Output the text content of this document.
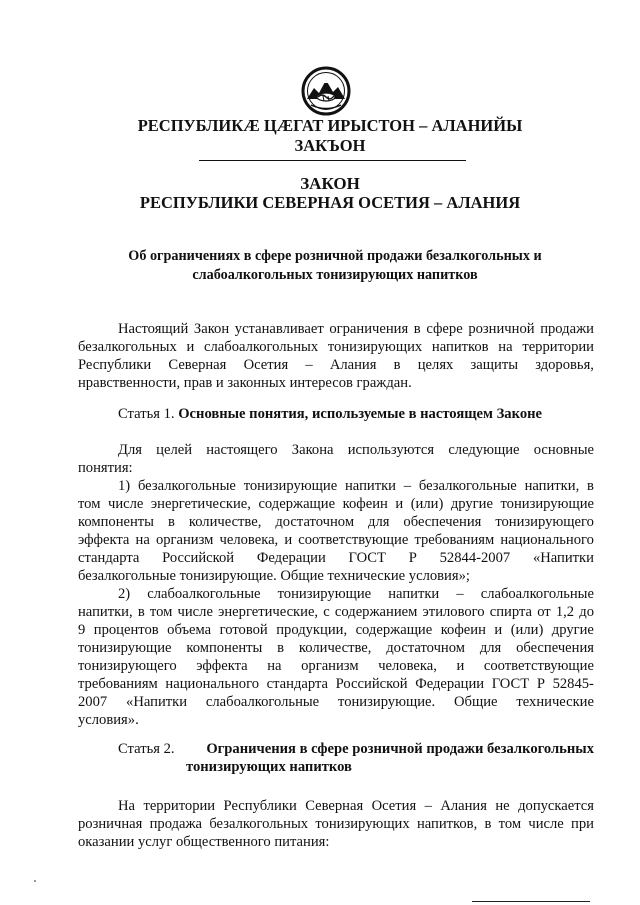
РЕСПУБЛИКÆ ЦÆГАТ ИРЫСТОН – АЛАНИЙЫ
ЗАКЪОН
ЗАКОН
РЕСПУБЛИКИ СЕВЕРНАЯ ОСЕТИЯ – АЛАНИЯ
Об ограничениях в сфере розничной продажи безалкогольных и
слабоалкогольных тонизирующих напитков
Настоящий Закон устанавливает ограничения в сфере розничной продажи
безалкогольных и слабоалкогольных тонизирующих напитков на территории
Республики Северная Осетия – Алания в целях защиты здоровья,
нравственности, прав и законных интересов граждан.
Статья 1. Основные понятия, используемые в настоящем Законе
Для целей настоящего Закона используются следующие основные
понятия:
1) безалкогольные тонизирующие напитки – безалкогольные напитки, в
том числе энергетические, содержащие кофеин и (или) другие тонизирующие
компоненты в количестве, достаточном для обеспечения тонизирующего
эффекта на организм человека, и соответствующие требованиям национального
стандарта Российской Федерации ГОСТ Р 52844-2007 «Напитки
безалкогольные тонизирующие. Общие технические условия»;
2) слабоалкогольные тонизирующие напитки – слабоалкогольные
напитки, в том числе энергетические, с содержанием этилового спирта от 1,2 до
9 процентов объема готовой продукции, содержащие кофеин и (или) другие
тонизирующие компоненты в количестве, достаточном для обеспечения
тонизирующего эффекта на организм человека, и соответствующие
требованиям национального стандарта Российской Федерации ГОСТ Р 52845-
2007 «Напитки слабоалкогольные тонизирующие. Общие технические
условия».
Статья 2. Ограничения в сфере розничной продажи безалкогольных
тонизирующих напитков
На территории Республики Северная Осетия – Алания не допускается
розничная продажа безалкогольных тонизирующих напитков, в том числе при
оказании услуг общественного питания:
